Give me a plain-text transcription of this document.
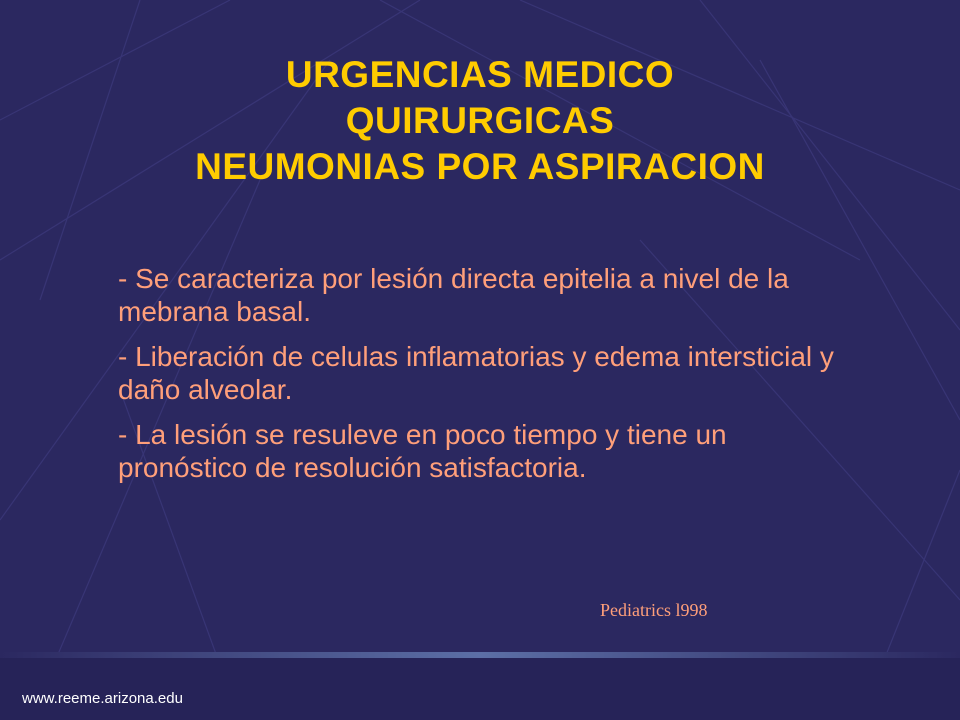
URGENCIAS MEDICO
QUIRURGICAS
NEUMONIAS POR ASPIRACION
- Se caracteriza por lesión directa epitelia a nivel de la mebrana basal.
- Liberación de celulas inflamatorias y edema intersticial y daño alveolar.
- La lesión se resuleve en poco tiempo y tiene un pronóstico de resolución satisfactoria.
Pediatrics l998
www.reeme.arizona.edu
